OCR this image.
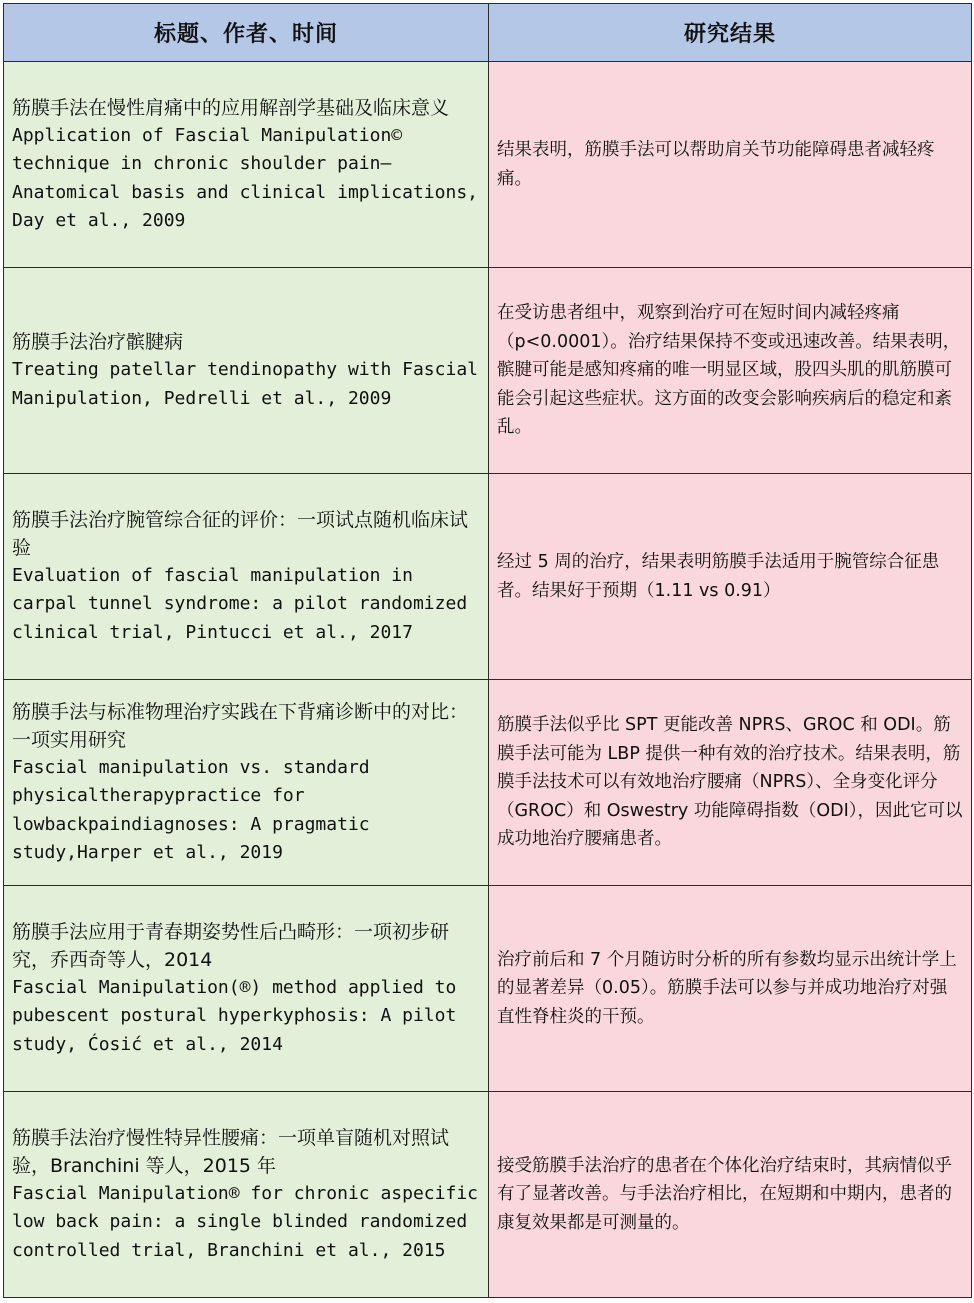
标题、作者、时间	研究结果

筋膜手法在慢性肩痛中的应用解剖学基础及临床意义
Application of Fascial Manipulation© technique in chronic shoulder pain—Anatomical basis and clinical implications, Day et al., 2009	结果表明，筋膜手法可以帮助肩关节功能障碍患者减轻疼痛。

筋膜手法治疗髌腱病
Treating patellar tendinopathy with Fascial Manipulation, Pedrelli et al., 2009	在受访患者组中，观察到治疗可在短时间内减轻疼痛（p<0.0001）。治疗结果保持不变或迅速改善。结果表明，髌腱可能是感知疼痛的唯一明显区域，股四头肌的肌筋膜可能会引起这些症状。这方面的改变会影响疾病后的稳定和紊乱。

筋膜手法治疗腕管综合征的评价：一项试点随机临床试验
Evaluation of fascial manipulation in carpal tunnel syndrome: a pilot randomized clinical trial, Pintucci et al., 2017	经过 5 周的治疗，结果表明筋膜手法适用于腕管综合征患者。结果好于预期（1.11 vs 0.91）

筋膜手法与标准物理治疗实践在下背痛诊断中的对比：一项实用研究
Fascial manipulation vs. standard physicaltherapypractice for lowbackpaindiagnoses: A pragmatic study,Harper et al., 2019	筋膜手法似乎比 SPT 更能改善 NPRS、GROC 和 ODI。筋膜手法可能为 LBP 提供一种有效的治疗技术。结果表明，筋膜手法技术可以有效地治疗腰痛（NPRS）、全身变化评分（GROC）和 Oswestry 功能障碍指数（ODI），因此它可以成功地治疗腰痛患者。

筋膜手法应用于青春期姿势性后凸畸形：一项初步研究，乔西奇等人，2014
Fascial Manipulation(®) method applied to pubescent postural hyperkyphosis: A pilot study, Ćosić et al., 2014	治疗前后和 7 个月随访时分析的所有参数均显示出统计学上的显著差异（0.05）。筋膜手法可以参与并成功地治疗对强直性脊柱炎的干预。

筋膜手法治疗慢性特异性腰痛：一项单盲随机对照试验，Branchini 等人，2015 年
Fascial Manipulation® for chronic aspecific low back pain: a single blinded randomized controlled trial, Branchini et al., 2015	接受筋膜手法治疗的患者在个体化治疗结束时，其病情似乎有了显著改善。与手法治疗相比，在短期和中期内，患者的康复效果都是可测量的。
